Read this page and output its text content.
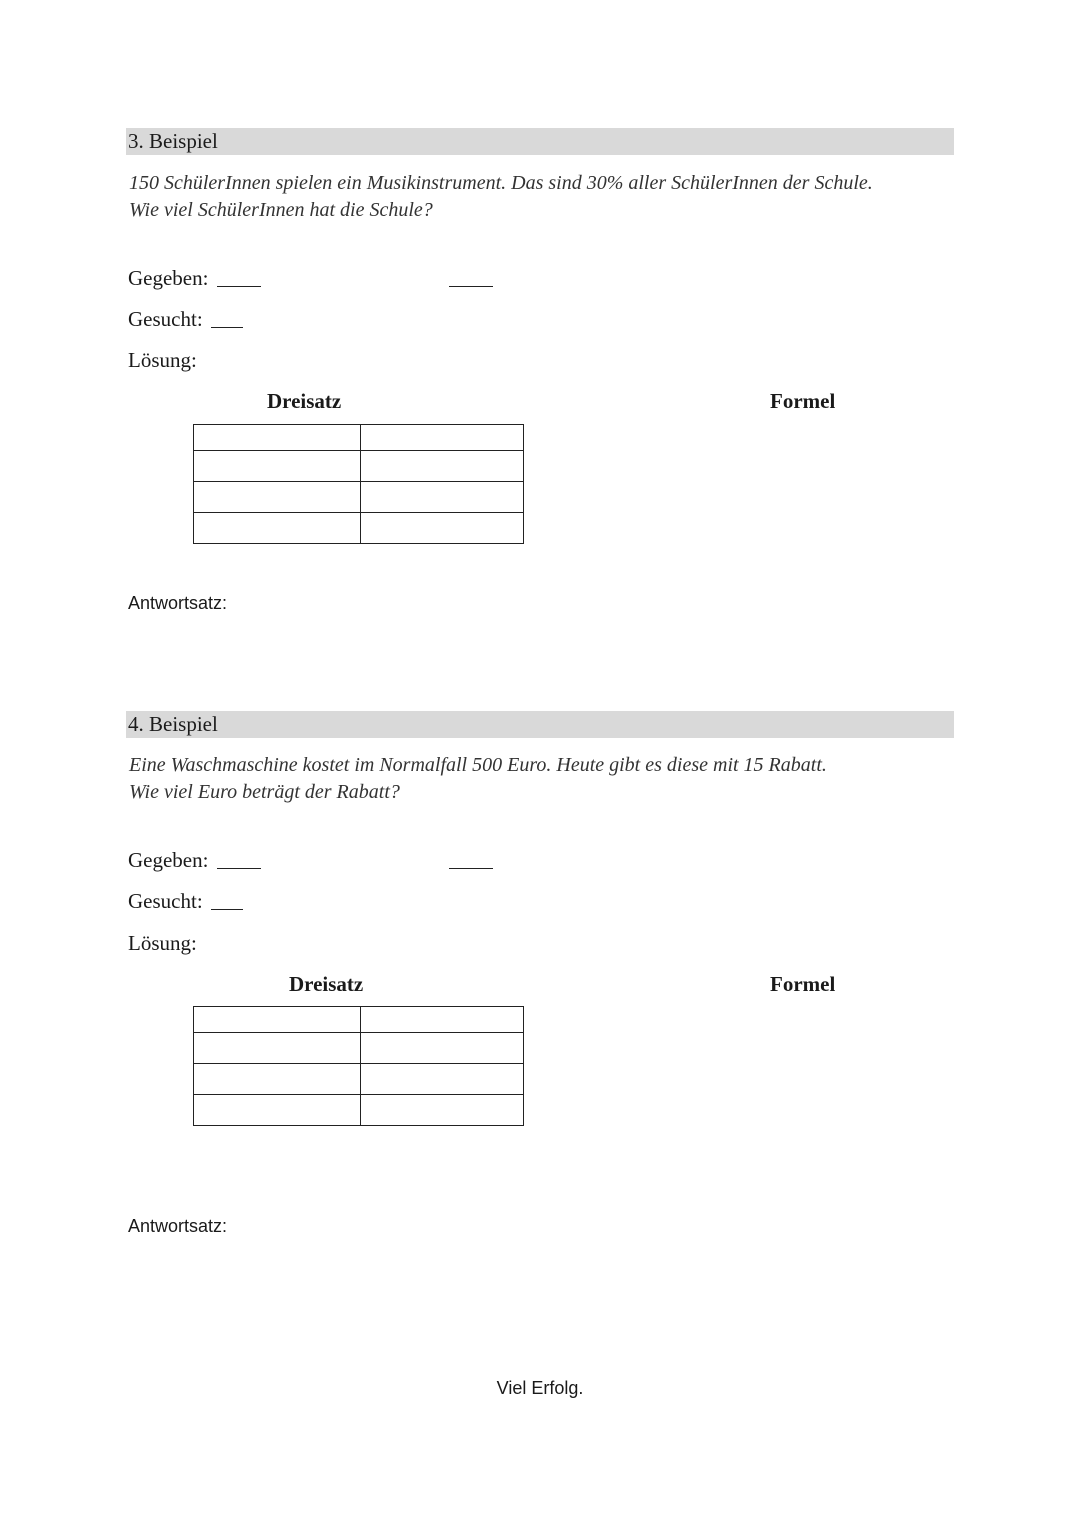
3. Beispiel
150 SchülerInnen spielen ein Musikinstrument. Das sind 30% aller SchülerInnen der Schule.
Wie viel SchülerInnen hat die Schule?
Gegeben:
Gesucht:
Lösung:
Dreisatz	Formel

Antwortsatz:
4. Beispiel
Eine Waschmaschine kostet im Normalfall 500 Euro. Heute gibt es diese mit 15 Rabatt.
Wie viel Euro beträgt der Rabatt?
Gegeben:
Gesucht:
Lösung:
Dreisatz	Formel

Antwortsatz:
Viel Erfolg.
